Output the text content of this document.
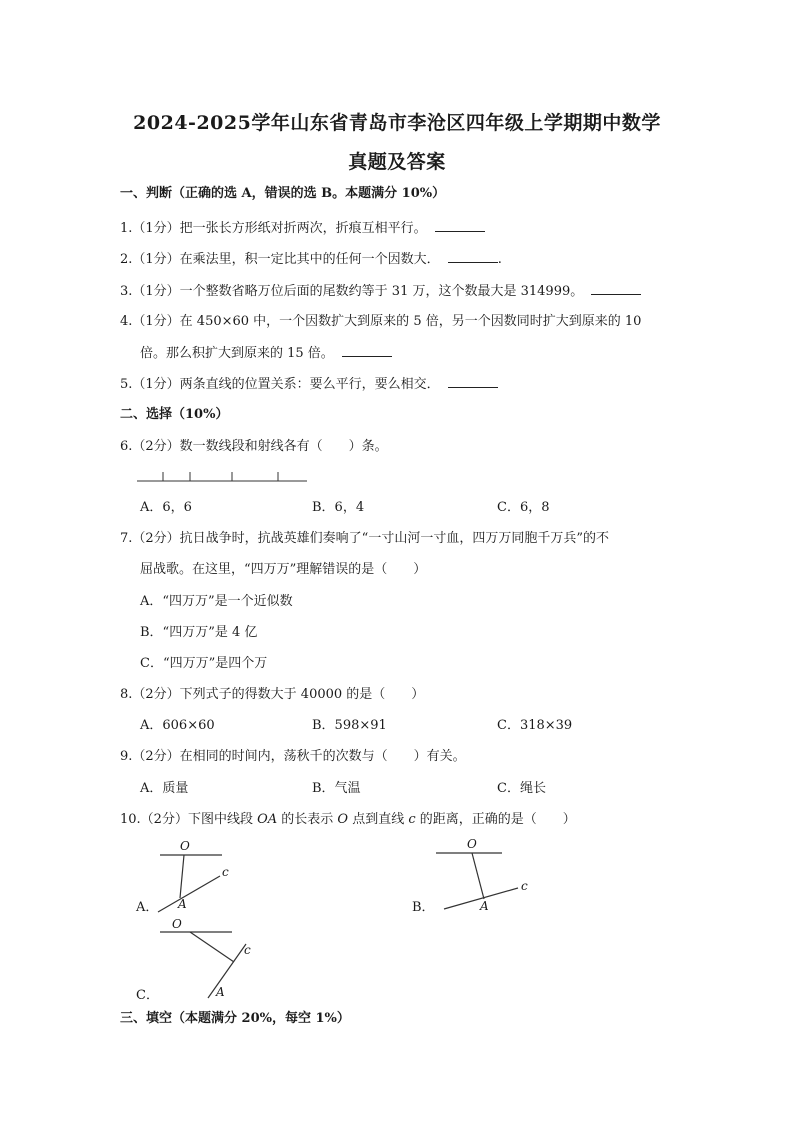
2024-2025学年山东省青岛市李沧区四年级上学期期中数学
真题及答案
一、判断（正确的选 A，错误的选 B。本题满分 10%）
1.（1分）把一张长方形纸对折两次，折痕互相平行。
2.（1分）在乘法里，积一定比其中的任何一个因数大．	.
3.（1分）一个整数省略万位后面的尾数约等于 31 万，这个数最大是 314999。
4.（1分）在 450×60 中，一个因数扩大到原来的 5 倍，另一个因数同时扩大到原来的 10
倍。那么积扩大到原来的 15 倍。
5.（1分）两条直线的位置关系：要么平行，要么相交．
二、选择（10%）
6.（2分）数一数线段和射线各有（　　）条。
A．6，6	B．6，4	C．6，8
7.（2分）抗日战争时，抗战英雄们奏响了“一寸山河一寸血，四万万同胞千万兵”的不
屈战歌。在这里，“四万万”理解错误的是（　　）
A．“四万万”是一个近似数
B．“四万万”是 4 亿
C．“四万万”是四个万
8.（2分）下列式子的得数大于 40000 的是（　　）
A．606×60	B．598×91	C．318×39
9.（2分）在相同的时间内，荡秋千的次数与（　　）有关。
A．质量	B．气温	C．绳长
10.（2分）下图中线段 OA 的长表示 O 点到直线 c 的距离，正确的是（　　）
A．
O
A
c
B．
O
A
c
C．
O
A
c
三、填空（本题满分 20%，每空 1%）
